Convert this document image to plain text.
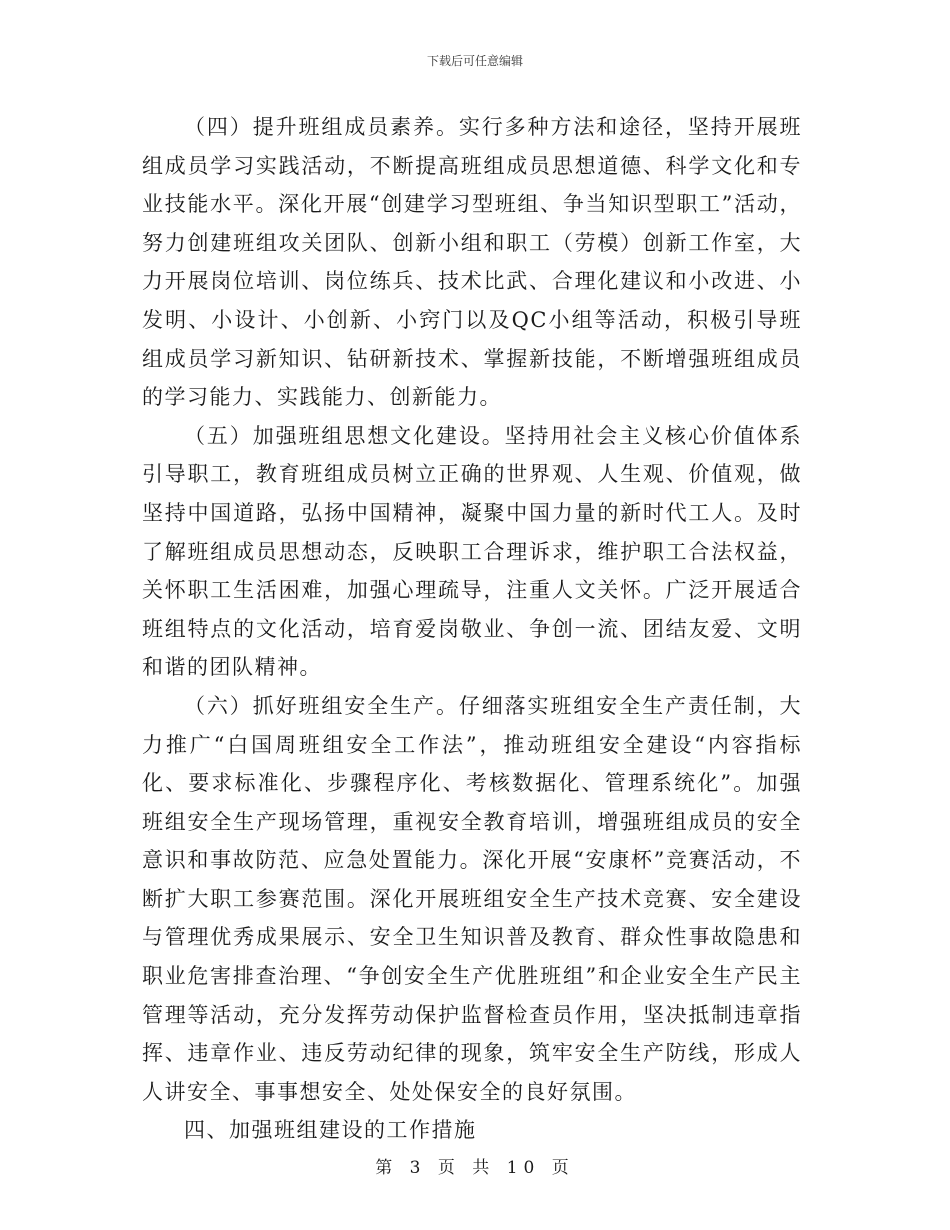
下载后可任意编辑

（四）提升班组成员素养。实行多种方法和途径，坚持开展班组成员学习实践活动，不断提高班组成员思想道德、科学文化和专业技能水平。深化开展“创建学习型班组、争当知识型职工”活动，努力创建班组攻关团队、创新小组和职工（劳模）创新工作室，大力开展岗位培训、岗位练兵、技术比武、合理化建议和小改进、小发明、小设计、小创新、小窍门以及QC小组等活动，积极引导班组成员学习新知识、钻研新技术、掌握新技能，不断增强班组成员的学习能力、实践能力、创新能力。

（五）加强班组思想文化建设。坚持用社会主义核心价值体系引导职工，教育班组成员树立正确的世界观、人生观、价值观，做坚持中国道路，弘扬中国精神，凝聚中国力量的新时代工人。及时了解班组成员思想动态，反映职工合理诉求，维护职工合法权益，关怀职工生活困难，加强心理疏导，注重人文关怀。广泛开展适合班组特点的文化活动，培育爱岗敬业、争创一流、团结友爱、文明和谐的团队精神。

（六）抓好班组安全生产。仔细落实班组安全生产责任制，大力推广“白国周班组安全工作法”，推动班组安全建设“内容指标化、要求标准化、步骤程序化、考核数据化、管理系统化”。加强班组安全生产现场管理，重视安全教育培训，增强班组成员的安全意识和事故防范、应急处置能力。深化开展“安康杯”竞赛活动，不断扩大职工参赛范围。深化开展班组安全生产技术竞赛、安全建设与管理优秀成果展示、安全卫生知识普及教育、群众性事故隐患和职业危害排查治理、“争创安全生产优胜班组”和企业安全生产民主管理等活动，充分发挥劳动保护监督检查员作用，坚决抵制违章指挥、违章作业、违反劳动纪律的现象，筑牢安全生产防线，形成人人讲安全、事事想安全、处处保安全的良好氛围。

四、加强班组建设的工作措施

第 3 页 共 10 页
